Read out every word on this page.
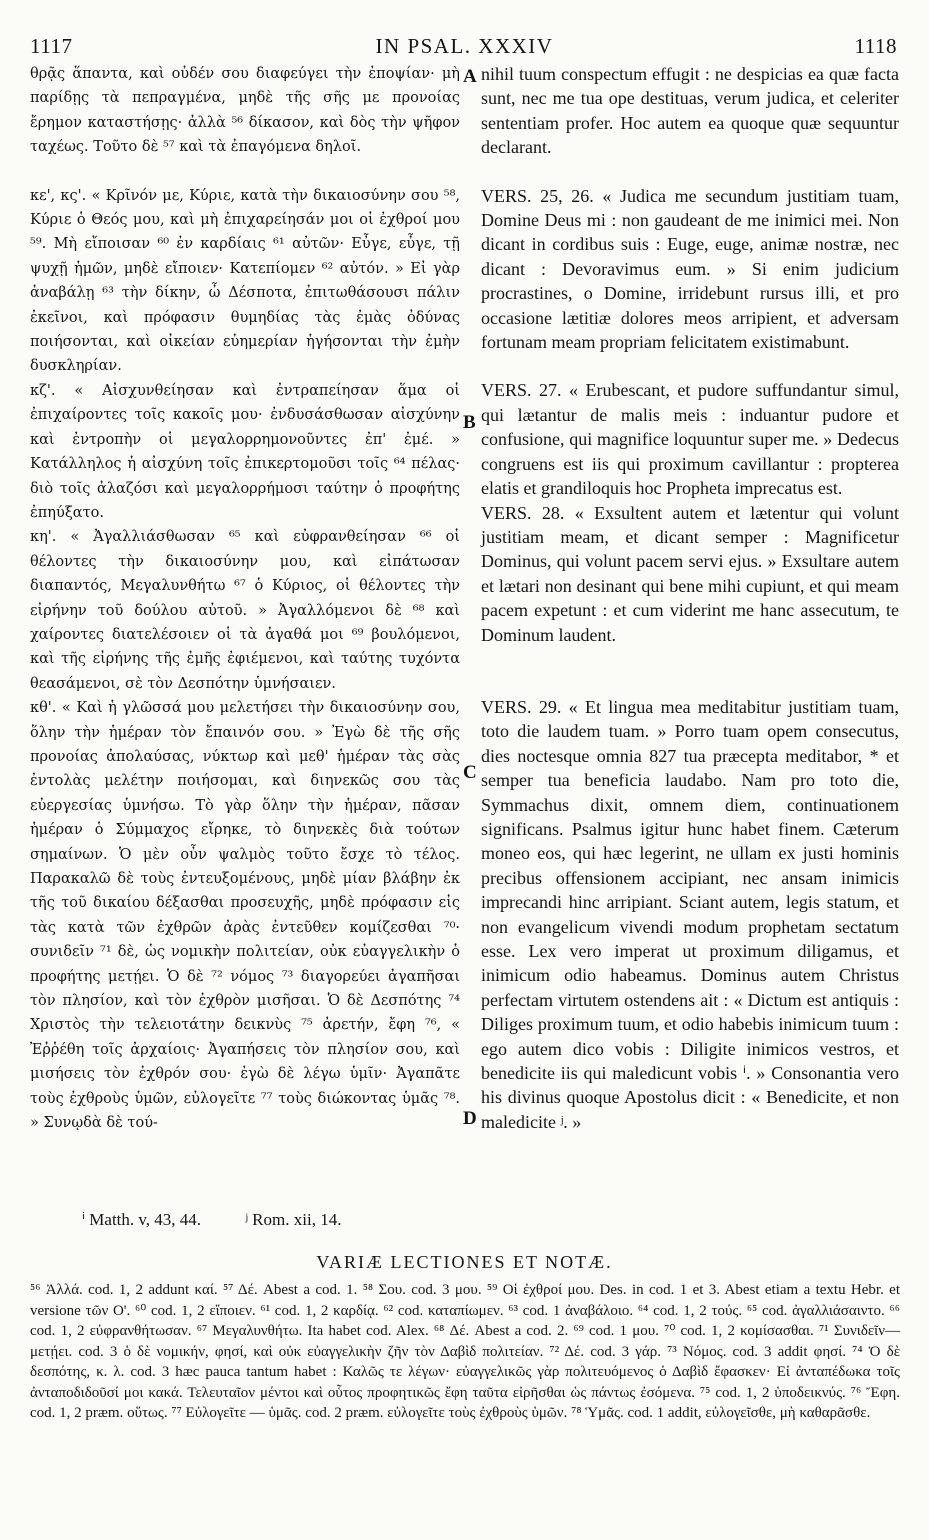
1117	IN PSAL. XXXIV	1118
A
B
C
D

θρᾷς ἅπαντα, καὶ οὐδέν σου διαφεύγει τὴν ἐποψίαν· μὴ παρίδῃς τὰ πεπραγμένα, μηδὲ τῆς σῆς με προνοίας ἔρημον καταστήσῃς· ἀλλὰ ⁵⁶ δίκασον, καὶ δὸς τὴν ψῆφον ταχέως. Τοῦτο δὲ ⁵⁷ καὶ τὰ ἐπαγόμενα δηλοῖ.

κε', κς'. « Κρῖνόν με, Κύριε, κατὰ τὴν δικαιοσύνην σου ⁵⁸, Κύριε ὁ Θεός μου, καὶ μὴ ἐπιχαρείησάν μοι οἱ ἐχθροί μου ⁵⁹. Μὴ εἴποισαν ⁶⁰ ἐν καρδίαις ⁶¹ αὐτῶν· Εὖγε, εὖγε, τῇ ψυχῇ ἡμῶν, μηδὲ εἴποιεν· Κατεπίομεν ⁶² αὐτόν. » Εἰ γὰρ ἀναβάλῃ ⁶³ τὴν δίκην, ὦ Δέσποτα, ἐπιτωθάσουσι πάλιν ἐκεῖνοι, καὶ πρόφασιν θυμηδίας τὰς ἐμὰς ὀδύνας ποιήσονται, καὶ οἰκείαν εὐημερίαν ἡγήσονται τὴν ἐμὴν δυσκληρίαν.

κζ'. « Αἰσχυνθείησαν καὶ ἐντραπείησαν ἅμα οἱ ἐπιχαίροντες τοῖς κακοῖς μου· ἐνδυσάσθωσαν αἰσχύνην καὶ ἐντροπὴν οἱ μεγαλορρημονοῦντες ἐπ' ἐμέ. » Κατάλληλος ἡ αἰσχύνη τοῖς ἐπικερτομοῦσι τοῖς ⁶⁴ πέλας· διὸ τοῖς ἀλαζόσι καὶ μεγαλορρήμοσι ταύτην ὁ προφήτης ἐπηύξατο.

κη'. « Ἀγαλλιάσθωσαν ⁶⁵ καὶ εὐφρανθείησαν ⁶⁶ οἱ θέλοντες τὴν δικαιοσύνην μου, καὶ εἰπάτωσαν διαπαντός, Μεγαλυνθήτω ⁶⁷ ὁ Κύριος, οἱ θέλοντες τὴν εἰρήνην τοῦ δούλου αὐτοῦ. » Ἀγαλλόμενοι δὲ ⁶⁸ καὶ χαίροντες διατελέσοιεν οἱ τὰ ἀγαθά μοι ⁶⁹ βουλόμενοι, καὶ τῆς εἰρήνης τῆς ἐμῆς ἐφιέμενοι, καὶ ταύτης τυχόντα θεασάμενοι, σὲ τὸν Δεσπότην ὑμνήσαιεν.

κθ'. « Καὶ ἡ γλῶσσά μου μελετήσει τὴν δικαιοσύνην σου, ὅλην τὴν ἡμέραν τὸν ἔπαινόν σου. » Ἐγὼ δὲ τῆς σῆς προνοίας ἀπολαύσας, νύκτωρ καὶ μεθ' ἡμέραν τὰς σὰς ἐντολὰς μελέτην ποιήσομαι, καὶ διηνεκῶς σου τὰς εὐεργεσίας ὑμνήσω. Τὸ γὰρ ὅλην τὴν ἡμέραν, πᾶσαν ἡμέραν ὁ Σύμμαχος εἴρηκε, τὸ διηνεκὲς διὰ τούτων σημαίνων. Ὁ μὲν οὖν ψαλμὸς τοῦτο ἔσχε τὸ τέλος. Παρακαλῶ δὲ τοὺς ἐντευξομένους, μηδὲ μίαν βλάβην ἐκ τῆς τοῦ δικαίου δέξασθαι προσευχῆς, μηδὲ πρόφασιν εἰς τὰς κατὰ τῶν ἐχθρῶν ἀρὰς ἐντεῦθεν κομίζεσθαι ⁷⁰· συνιδεῖν ⁷¹ δὲ, ὡς νομικὴν πολιτείαν, οὐκ εὐαγγελικὴν ὁ προφήτης μετῄει. Ὁ δὲ ⁷² νόμος ⁷³ διαγορεύει ἀγαπῆσαι τὸν πλησίον, καὶ τὸν ἐχθρὸν μισῆσαι. Ὁ δὲ Δεσπότης ⁷⁴ Χριστὸς τὴν τελειοτάτην δεικνὺς ⁷⁵ ἀρετήν, ἔφη ⁷⁶, « Ἐῤῥέθη τοῖς ἀρχαίοις· Ἀγαπήσεις τὸν πλησίον σου, καὶ μισήσεις τὸν ἐχθρόν σου· ἐγὼ δὲ λέγω ὑμῖν· Ἀγαπᾶτε τοὺς ἐχθροὺς ὑμῶν, εὐλογεῖτε ⁷⁷ τοὺς διώκοντας ὑμᾶς ⁷⁸. » Συνῳδὰ δὲ τού-

nihil tuum conspectum effugit : ne despicias ea quæ facta sunt, nec me tua ope destituas, verum judica, et celeriter sententiam profer. Hoc autem ea quoque quæ sequuntur declarant.

VERS. 25, 26. « Judica me secundum justitiam tuam, Domine Deus mi : non gaudeant de me inimici mei. Non dicant in cordibus suis : Euge, euge, animæ nostræ, nec dicant : Devoravimus eum. » Si enim judicium procrastines, o Domine, irridebunt rursus illi, et pro occasione lætitiæ dolores meos arripient, et adversam fortunam meam propriam felicitatem existimabunt.

VERS. 27. « Erubescant, et pudore suffundantur simul, qui lætantur de malis meis : induantur pudore et confusione, qui magnifice loquuntur super me. » Dedecus congruens est iis qui proximum cavillantur : propterea elatis et grandiloquis hoc Propheta imprecatus est.

VERS. 28. « Exsultent autem et lætentur qui volunt justitiam meam, et dicant semper : Magnificetur Dominus, qui volunt pacem servi ejus. » Exsultare autem et lætari non desinant qui bene mihi cupiunt, et qui meam pacem expetunt : et cum viderint me hanc assecutum, te Dominum laudent.

VERS. 29. « Et lingua mea meditabitur justitiam tuam, toto die laudem tuam. » Porro tuam opem consecutus, dies noctesque omnia 827 tua præcepta meditabor, * et semper tua beneficia laudabo. Nam pro toto die, Symmachus dixit, omnem diem, continuationem significans. Psalmus igitur hunc habet finem. Cæterum moneo eos, qui hæc legerint, ne ullam ex justi hominis precibus offensionem accipiant, nec ansam inimicis imprecandi hinc arripiant. Sciant autem, legis statum, et non evangelicum vivendi modum prophetam sectatum esse. Lex vero imperat ut proximum diligamus, et inimicum odio habeamus. Dominus autem Christus perfectam virtutem ostendens ait : « Dictum est antiquis : Diliges proximum tuum, et odio habebis inimicum tuum : ego autem dico vobis : Diligite inimicos vestros, et benedicite iis qui maledicunt vobis ⁱ. » Consonantia vero his divinus quoque Apostolus dicit : « Benedicite, et non maledicite ʲ. »

ⁱ Matth. v, 43, 44.	ʲ Rom. xii, 14.
VARIÆ LECTIONES ET NOTÆ.
⁵⁶ Ἀλλά. cod. 1, 2 addunt καί. ⁵⁷ Δέ. Abest a cod. 1. ⁵⁸ Σου. cod. 3 μου. ⁵⁹ Οἱ ἐχθροί μου. Des. in cod. 1 et 3. Abest etiam a textu Hebr. et versione τῶν Ο'. ⁶⁰ cod. 1, 2 εἴποιεν. ⁶¹ cod. 1, 2 καρδίᾳ. ⁶² cod. καταπίωμεν. ⁶³ cod. 1 ἀναβάλοιο. ⁶⁴ cod. 1, 2 τούς. ⁶⁵ cod. ἀγαλλιάσαιντο. ⁶⁶ cod. 1, 2 εὐφρανθήτωσαν. ⁶⁷ Μεγαλυνθήτω. Ita habet cod. Alex. ⁶⁸ Δέ. Abest a cod. 2. ⁶⁹ cod. 1 μου. ⁷⁰ cod. 1, 2 κομίσασθαι. ⁷¹ Συνιδεῖν—μετῄει. cod. 3 ὁ δὲ νομικήν, φησί, καὶ οὐκ εὐαγγελικὴν ζῆν τὸν Δαβὶδ πολιτείαν. ⁷² Δέ. cod. 3 γάρ. ⁷³ Νόμος. cod. 3 addit φησί. ⁷⁴ Ὁ δὲ δεσπότης, κ. λ. cod. 3 hæc pauca tantum habet : Καλῶς τε λέγων· εὐαγγελικῶς γὰρ πολιτευόμενος ὁ Δαβὶδ ἔφασκεν· Εἰ ἀνταπέδωκα τοῖς ἀνταποδιδοῦσί μοι κακά. Τελευταῖον μέντοι καὶ οὗτος προφητικῶς ἔφη ταῦτα εἰρῆσθαι ὡς πάντως ἐσόμενα. ⁷⁵ cod. 1, 2 ὑποδεικνύς. ⁷⁶ Ἔφη. cod. 1, 2 præm. οὕτως. ⁷⁷ Εὐλογεῖτε — ὑμᾶς. cod. 2 præm. εὐλογεῖτε τοὺς ἐχθροὺς ὑμῶν. ⁷⁸ Ὑμᾶς. cod. 1 addit, εὐλογεῖσθε, μὴ καθαρᾶσθε.
